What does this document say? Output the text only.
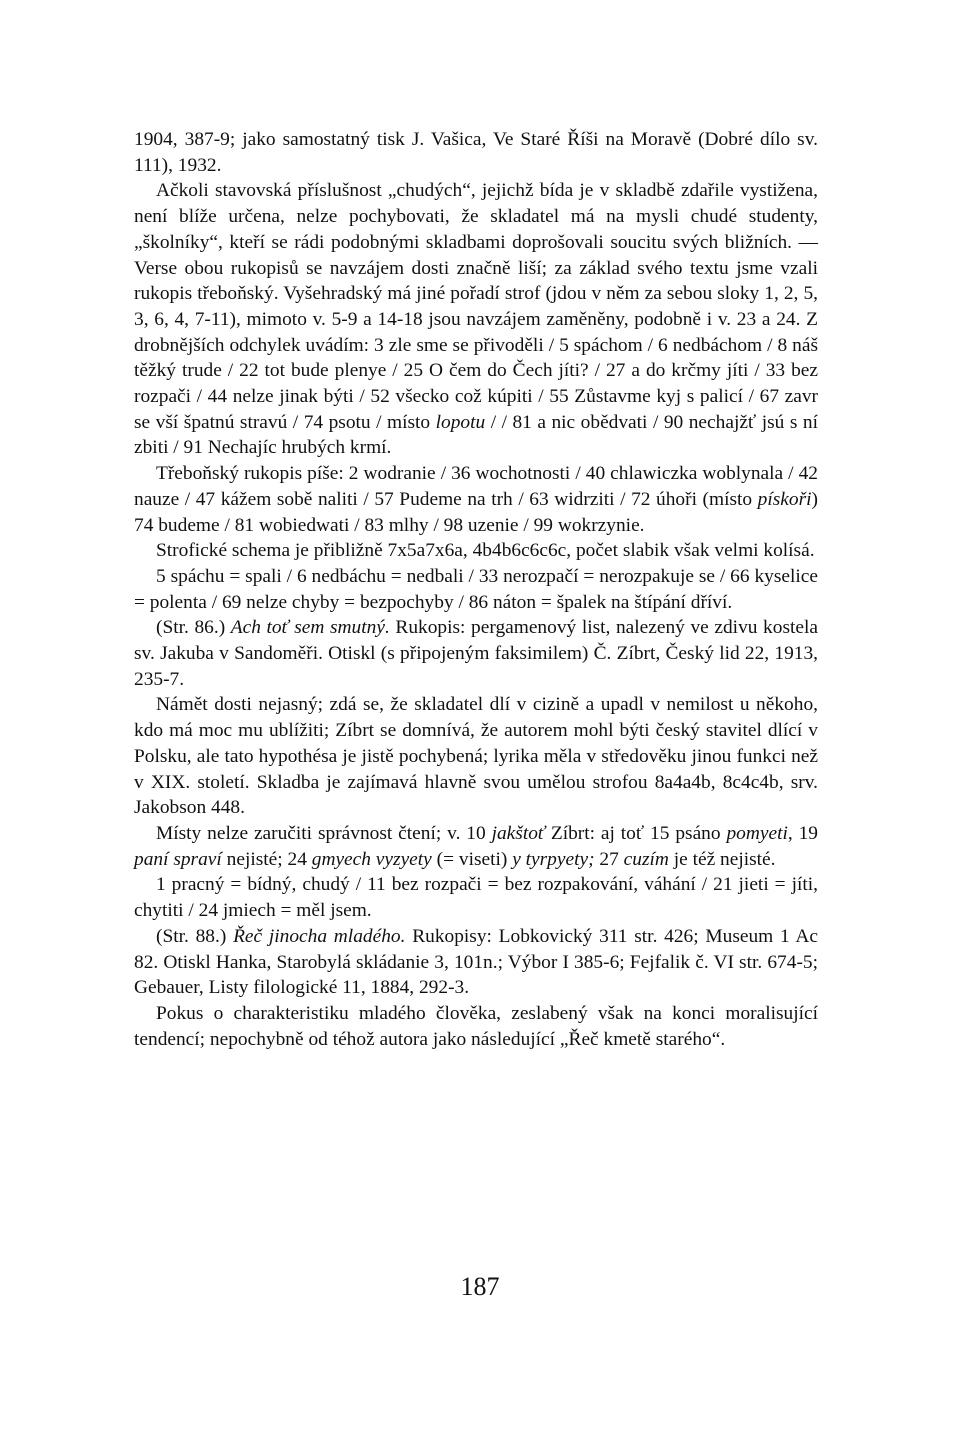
1904, 387-9; jako samostatný tisk J. Vašica, Ve Staré Říši na Moravě (Dobré dílo sv. 111), 1932.

Ačkoli stavovská příslušnost „chudých“, jejichž bída je v skladbě zdařile vystižena, není blíže určena, nelze pochybovati, že skladatel má na mysli chudé studenty, „školníky“, kteří se rádi podobnými skladbami doprošovali soucitu svých bližních. — Verse obou rukopisů se navzájem dosti značně liší; za základ svého textu jsme vzali rukopis třeboňský. Vyšehradský má jiné pořadí strof (jdou v něm za sebou sloky 1, 2, 5, 3, 6, 4, 7-11), mimoto v. 5-9 a 14-18 jsou navzájem zaměněny, podobně i v. 23 a 24. Z drobnějších odchylek uvádím: 3 zle sme se přivoděli / 5 spáchom / 6 nedbáchom / 8 náš těžký trude / 22 tot bude plenye / 25 O čem do Čech jíti? / 27 a do krčmy jíti / 33 bez rozpači / 44 nelze jinak býti / 52 všecko což kúpiti / 55 Zůstavme kyj s palicí / 67 zavr se vší špatnú stravú / 74 psotu / místo lopotu / / 81 a nic obědvati / 90 nechajžť jsú s ní zbiti / 91 Nechajíc hrubých krmí.

Třeboňský rukopis píše: 2 wodranie / 36 wochotnosti / 40 chlawiczka woblynala / 42 nauze / 47 kážem sobě naliti / 57 Pudeme na trh / 63 widrziti / 72 úhoři (místo pískoři) 74 budeme / 81 wobiedwati / 83 mlhy / 98 uzenie / 99 wokrzynie.

Strofické schema je přibližně 7x5a7x6a, 4b4b6c6c6c, počet slabik však velmi kolísá.

5 spáchu = spali / 6 nedbáchu = nedbali / 33 nerozpačí = nerozpakuje se / 66 kyselice = polenta / 69 nelze chyby = bezpochyby / 86 náton = špalek na štípání dříví.

(Str. 86.) Ach toť sem smutný. Rukopis: pergamenový list, nalezený ve zdivu kostela sv. Jakuba v Sandoměři. Otiskl (s připojeným faksimilem) Č. Zíbrt, Český lid 22, 1913, 235-7.

Námět dosti nejasný; zdá se, že skladatel dlí v cizině a upadl v nemilost u někoho, kdo má moc mu ublížiti; Zíbrt se domnívá, že autorem mohl býti český stavitel dlící v Polsku, ale tato hypothésa je jistě pochybená; lyrika měla v středověku jinou funkci než v XIX. století. Skladba je zajímavá hlavně svou umělou strofou 8a4a4b, 8c4c4b, srv. Jakobson 448.

Místy nelze zaručiti správnost čtení; v. 10 jakštoť Zíbrt: aj toť 15 psáno pomyeti, 19 paní spraví nejisté; 24 gmyech vyzyety (= viseti) y tyrpyety; 27 cuzím je též nejisté.

1 pracný = bídný, chudý / 11 bez rozpači = bez rozpakování, váhání / 21 jieti = jíti, chytiti / 24 jmiech = měl jsem.

(Str. 88.) Řeč jinocha mladého. Rukopisy: Lobkovický 311 str. 426; Museum 1 Ac 82. Otiskl Hanka, Starobylá skládanie 3, 101n.; Výbor I 385-6; Fejfalik č. VI str. 674-5; Gebauer, Listy filologické 11, 1884, 292-3.

Pokus o charakteristiku mladého člověka, zeslabený však na konci moralisující tendencí; nepochybně od téhož autora jako následující „Řeč kmetě starého“.

187
